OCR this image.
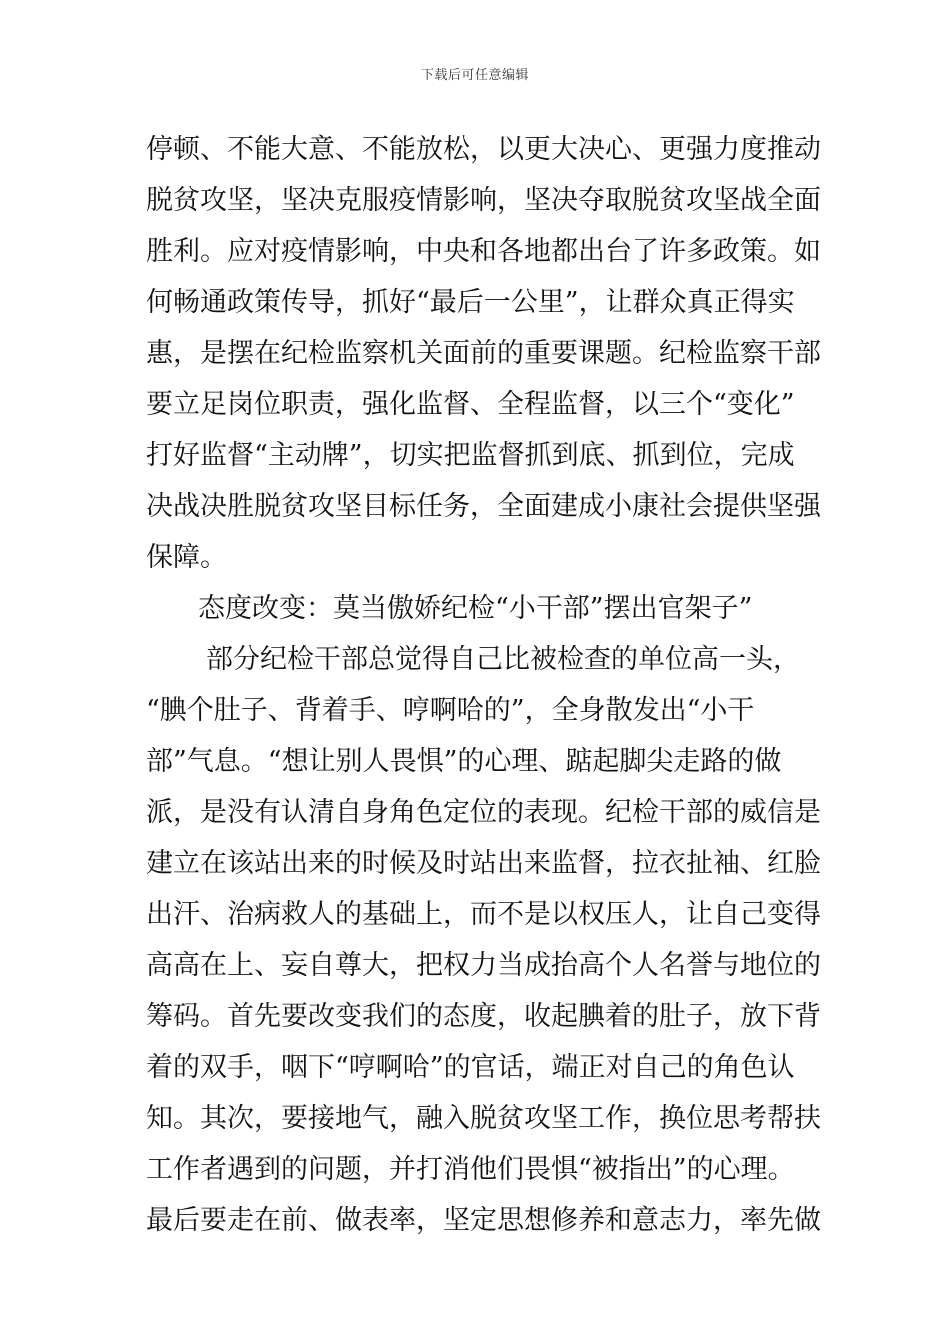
下载后可任意编辑
停顿、不能大意、不能放松，以更大决心、更强力度推动
脱贫攻坚，坚决克服疫情影响，坚决夺取脱贫攻坚战全面
胜利。应对疫情影响，中央和各地都出台了许多政策。如
何畅通政策传导，抓好“最后一公里”，让群众真正得实
惠，是摆在纪检监察机关面前的重要课题。纪检监察干部
要立足岗位职责，强化监督、全程监督，以三个“变化”
打好监督“主动牌”，切实把监督抓到底、抓到位，完成
决战决胜脱贫攻坚目标任务，全面建成小康社会提供坚强
保障。
态度改变：莫当傲娇纪检“小干部”摆出官架子”
部分纪检干部总觉得自己比被检查的单位高一头，
“腆个肚子、背着手、哼啊哈的”，全身散发出“小干
部”气息。“想让别人畏惧”的心理、踮起脚尖走路的做
派，是没有认清自身角色定位的表现。纪检干部的威信是
建立在该站出来的时候及时站出来监督，拉衣扯袖、红脸
出汗、治病救人的基础上，而不是以权压人，让自己变得
高高在上、妄自尊大，把权力当成抬高个人名誉与地位的
筹码。首先要改变我们的态度，收起腆着的肚子，放下背
着的双手，咽下“哼啊哈”的官话，端正对自己的角色认
知。其次，要接地气，融入脱贫攻坚工作，换位思考帮扶
工作者遇到的问题，并打消他们畏惧“被指出”的心理。
最后要走在前、做表率，坚定思想修养和意志力，率先做
